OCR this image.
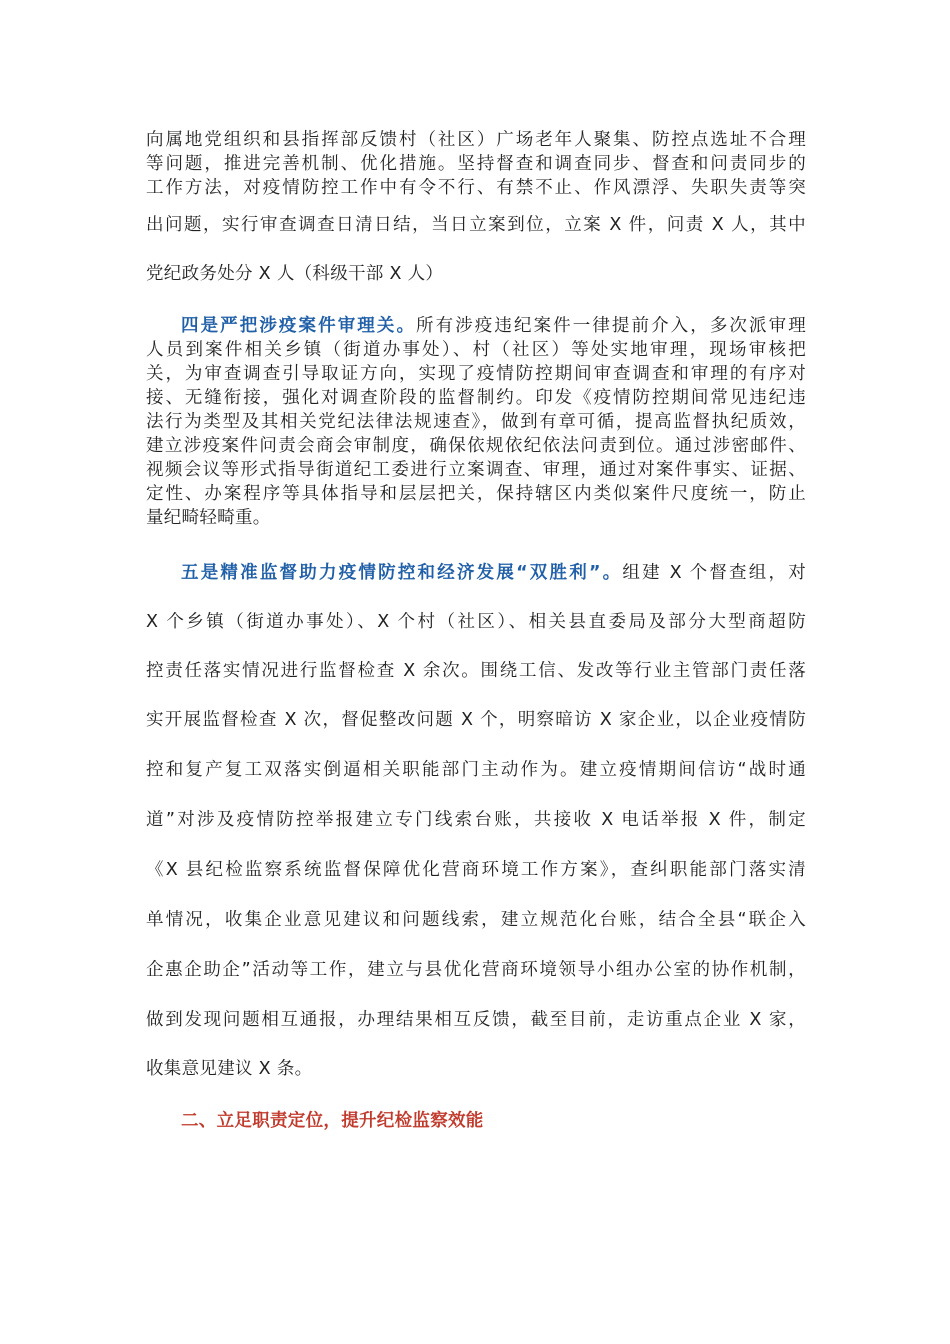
向属地党组织和县指挥部反馈村（社区）广场老年人聚集、防控点选址不合理
等问题，推进完善机制、优化措施。坚持督查和调查同步、督查和问责同步的
工作方法，对疫情防控工作中有令不行、有禁不止、作风漂浮、失职失责等突
出问题，实行审查调查日清日结，当日立案到位，立案 X 件，问责 X 人，其中
党纪政务处分 X 人（科级干部 X 人）
四是严把涉疫案件审理关。所有涉疫违纪案件一律提前介入，多次派审理
人员到案件相关乡镇（街道办事处）、村（社区）等处实地审理，现场审核把
关，为审查调查引导取证方向，实现了疫情防控期间审查调查和审理的有序对
接、无缝衔接，强化对调查阶段的监督制约。印发《疫情防控期间常见违纪违
法行为类型及其相关党纪法律法规速查》，做到有章可循，提高监督执纪质效，
建立涉疫案件问责会商会审制度，确保依规依纪依法问责到位。通过涉密邮件、
视频会议等形式指导街道纪工委进行立案调查、审理，通过对案件事实、证据、
定性、办案程序等具体指导和层层把关，保持辖区内类似案件尺度统一，防止
量纪畸轻畸重。
五是精准监督助力疫情防控和经济发展“双胜利”。组建 X 个督查组，对
X 个乡镇（街道办事处）、X 个村（社区）、相关县直委局及部分大型商超防
控责任落实情况进行监督检查 X 余次。围绕工信、发改等行业主管部门责任落
实开展监督检查 X 次，督促整改问题 X 个，明察暗访 X 家企业，以企业疫情防
控和复产复工双落实倒逼相关职能部门主动作为。建立疫情期间信访“战时通
道”对涉及疫情防控举报建立专门线索台账，共接收 X 电话举报 X 件，制定
《X 县纪检监察系统监督保障优化营商环境工作方案》，查纠职能部门落实清
单情况，收集企业意见建议和问题线索，建立规范化台账，结合全县“联企入
企惠企助企”活动等工作，建立与县优化营商环境领导小组办公室的协作机制，
做到发现问题相互通报，办理结果相互反馈，截至目前，走访重点企业 X 家，
收集意见建议 X 条。
二、立足职责定位，提升纪检监察效能
